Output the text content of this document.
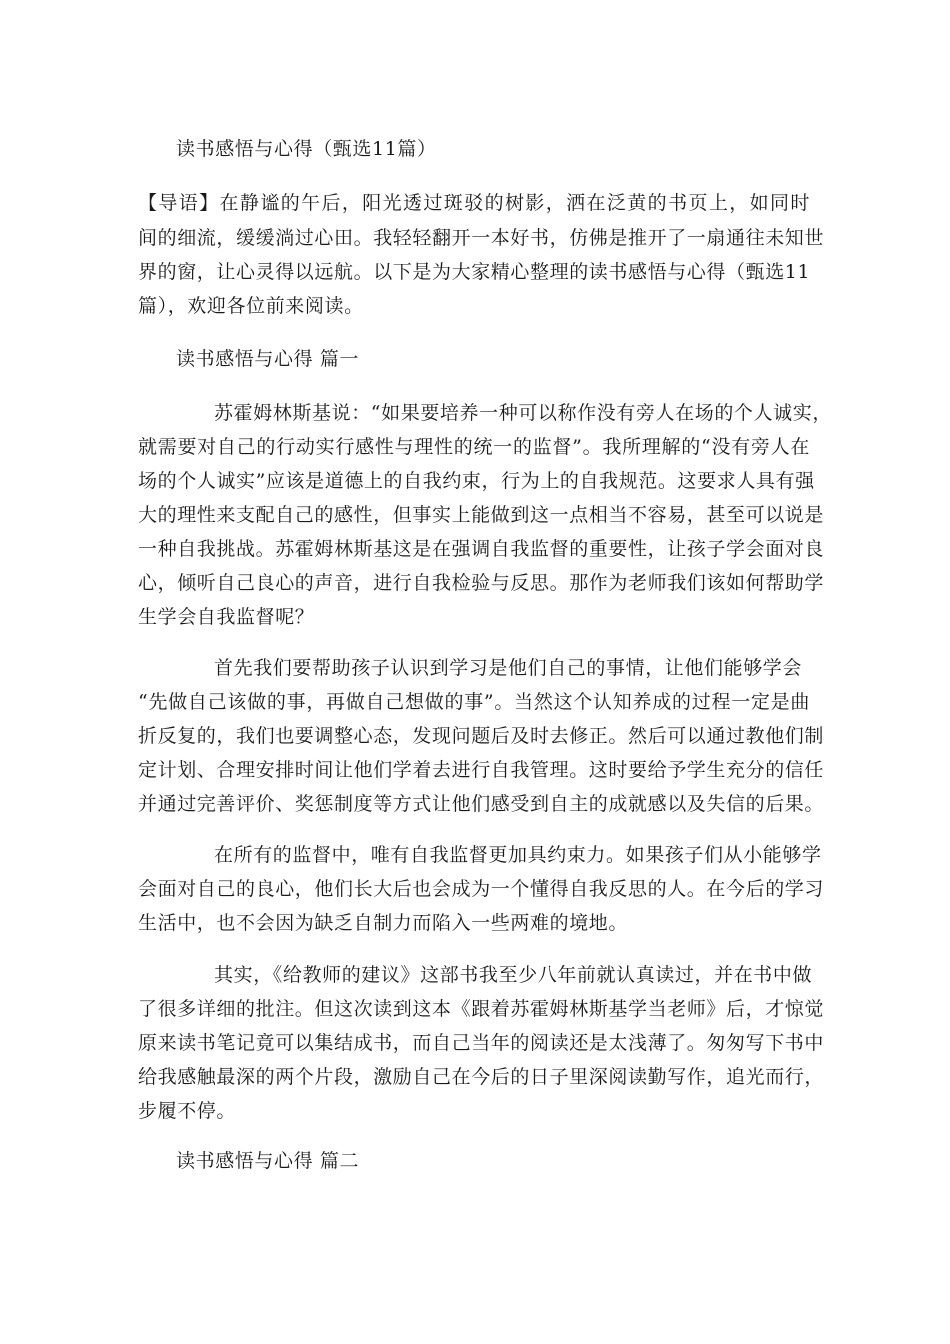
读书感悟与心得（甄选11篇）

【导语】在静谧的午后，阳光透过斑驳的树影，洒在泛黄的书页上，如同时

间的细流，缓缓淌过心田。我轻轻翻开一本好书，仿佛是推开了一扇通往未知世

界的窗，让心灵得以远航。以下是为大家精心整理的读书感悟与心得（甄选11

篇），欢迎各位前来阅读。

读书感悟与心得 篇一

苏霍姆林斯基说：“如果要培养一种可以称作没有旁人在场的个人诚实，

就需要对自己的行动实行感性与理性的统一的监督”。我所理解的“没有旁人在

场的个人诚实”应该是道德上的自我约束，行为上的自我规范。这要求人具有强

大的理性来支配自己的感性，但事实上能做到这一点相当不容易，甚至可以说是

一种自我挑战。苏霍姆林斯基这是在强调自我监督的重要性，让孩子学会面对良

心，倾听自己良心的声音，进行自我检验与反思。那作为老师我们该如何帮助学

生学会自我监督呢？

首先我们要帮助孩子认识到学习是他们自己的事情，让他们能够学会

“先做自己该做的事，再做自己想做的事”。当然这个认知养成的过程一定是曲

折反复的，我们也要调整心态，发现问题后及时去修正。然后可以通过教他们制

定计划、合理安排时间让他们学着去进行自我管理。这时要给予学生充分的信任

并通过完善评价、奖惩制度等方式让他们感受到自主的成就感以及失信的后果。

在所有的监督中，唯有自我监督更加具约束力。如果孩子们从小能够学

会面对自己的良心，他们长大后也会成为一个懂得自我反思的人。在今后的学习

生活中，也不会因为缺乏自制力而陷入一些两难的境地。

其实，《给教师的建议》这部书我至少八年前就认真读过，并在书中做

了很多详细的批注。但这次读到这本《跟着苏霍姆林斯基学当老师》后，才惊觉

原来读书笔记竟可以集结成书，而自己当年的阅读还是太浅薄了。匆匆写下书中

给我感触最深的两个片段，激励自己在今后的日子里深阅读勤写作，追光而行，

步履不停。

读书感悟与心得 篇二
